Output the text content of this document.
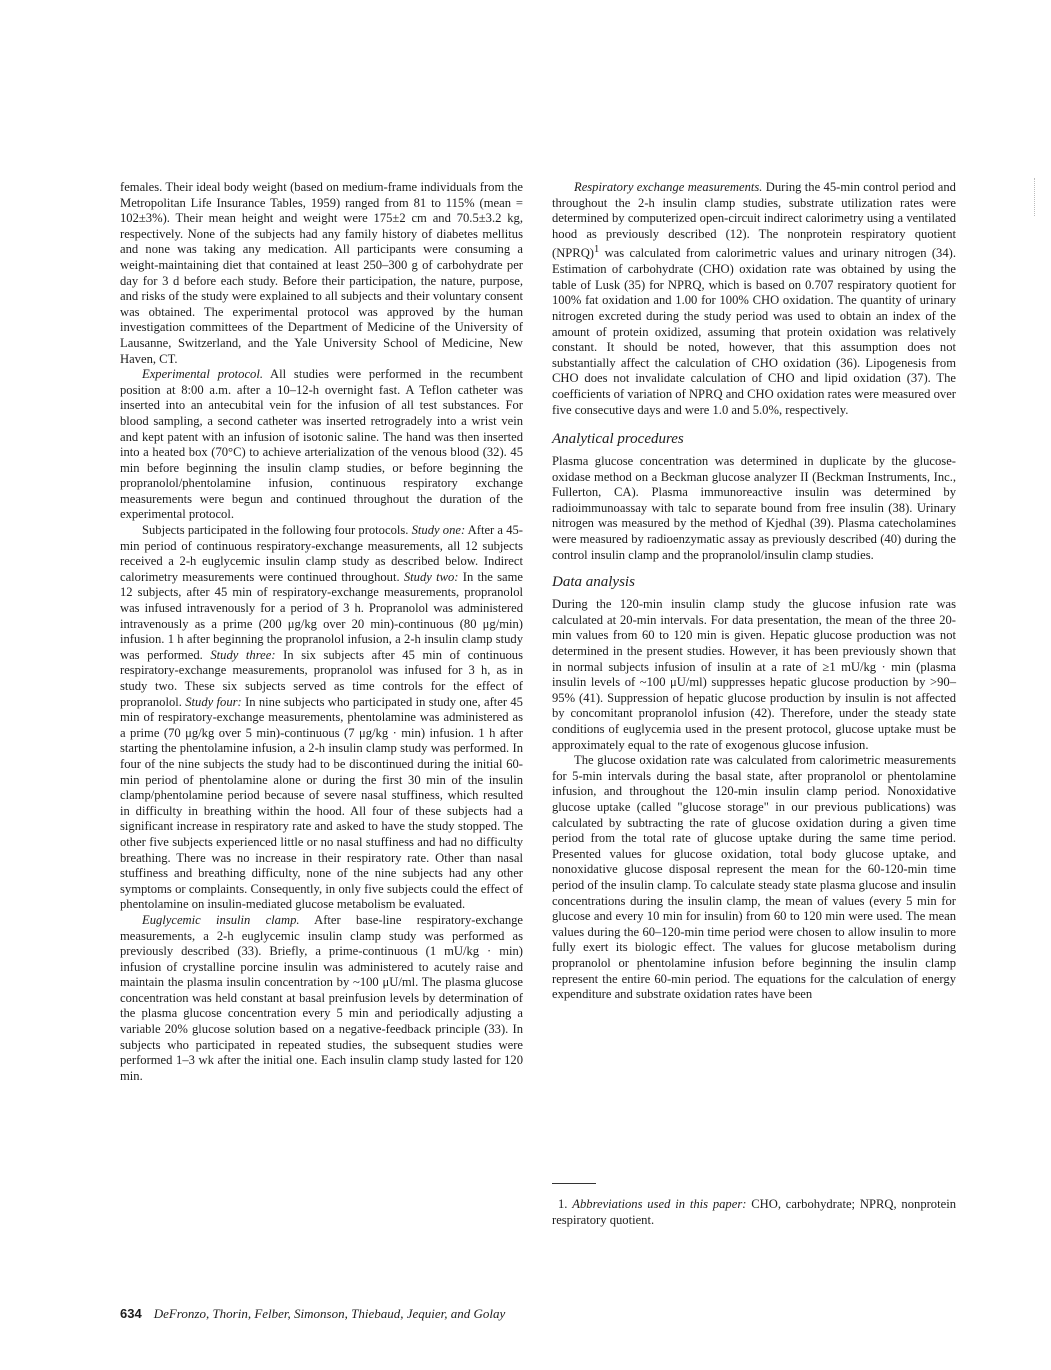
females. Their ideal body weight (based on medium-frame individuals from the Metropolitan Life Insurance Tables, 1959) ranged from 81 to 115% (mean = 102±3%). Their mean height and weight were 175±2 cm and 70.5±3.2 kg, respectively. None of the subjects had any family history of diabetes mellitus and none was taking any medication. All participants were consuming a weight-maintaining diet that contained at least 250–300 g of carbohydrate per day for 3 d before each study. Before their participation, the nature, purpose, and risks of the study were explained to all subjects and their voluntary consent was obtained. The experimental protocol was approved by the human investigation committees of the Department of Medicine of the University of Lausanne, Switzerland, and the Yale University School of Medicine, New Haven, CT.

Experimental protocol. All studies were performed in the recumbent position at 8:00 a.m. after a 10–12-h overnight fast. A Teflon catheter was inserted into an antecubital vein for the infusion of all test substances. For blood sampling, a second catheter was inserted retrogradely into a wrist vein and kept patent with an infusion of isotonic saline. The hand was then inserted into a heated box (70°C) to achieve arterialization of the venous blood (32). 45 min before beginning the insulin clamp studies, or before beginning the propranolol/phentolamine infusion, continuous respiratory exchange measurements were begun and continued throughout the duration of the experimental protocol.

Subjects participated in the following four protocols. Study one: After a 45-min period of continuous respiratory-exchange measurements, all 12 subjects received a 2-h euglycemic insulin clamp study as described below. Indirect calorimetry measurements were continued throughout. Study two: In the same 12 subjects, after 45 min of respiratory-exchange measurements, propranolol was infused intravenously for a period of 3 h. Propranolol was administered intravenously as a prime (200 μg/kg over 20 min)-continuous (80 μg/min) infusion. 1 h after beginning the propranolol infusion, a 2-h insulin clamp study was performed. Study three: In six subjects after 45 min of continuous respiratory-exchange measurements, propranolol was infused for 3 h, as in study two. These six subjects served as time controls for the effect of propranolol. Study four: In nine subjects who participated in study one, after 45 min of respiratory-exchange measurements, phentolamine was administered as a prime (70 μg/kg over 5 min)-continuous (7 μg/kg · min) infusion. 1 h after starting the phentolamine infusion, a 2-h insulin clamp study was performed. In four of the nine subjects the study had to be discontinued during the initial 60-min period of phentolamine alone or during the first 30 min of the insulin clamp/phentolamine period because of severe nasal stuffiness, which resulted in difficulty in breathing within the hood. All four of these subjects had a significant increase in respiratory rate and asked to have the study stopped. The other five subjects experienced little or no nasal stuffiness and had no difficulty breathing. There was no increase in their respiratory rate. Other than nasal stuffiness and breathing difficulty, none of the nine subjects had any other symptoms or complaints. Consequently, in only five subjects could the effect of phentolamine on insulin-mediated glucose metabolism be evaluated.

Euglycemic insulin clamp. After base-line respiratory-exchange measurements, a 2-h euglycemic insulin clamp study was performed as previously described (33). Briefly, a prime-continuous (1 mU/kg · min) infusion of crystalline porcine insulin was administered to acutely raise and maintain the plasma insulin concentration by ~100 μU/ml. The plasma glucose concentration was held constant at basal preinfusion levels by determination of the plasma glucose concentration every 5 min and periodically adjusting a variable 20% glucose solution based on a negative-feedback principle (33). In subjects who participated in repeated studies, the subsequent studies were performed 1–3 wk after the initial one. Each insulin clamp study lasted for 120 min.

Respiratory exchange measurements. During the 45-min control period and throughout the 2-h insulin clamp studies, substrate utilization rates were determined by computerized open-circuit indirect calorimetry using a ventilated hood as previously described (12). The nonprotein respiratory quotient (NPRQ)$^1$ was calculated from calorimetric values and urinary nitrogen (34). Estimation of carbohydrate (CHO) oxidation rate was obtained by using the table of Lusk (35) for NPRQ, which is based on 0.707 respiratory quotient for 100% fat oxidation and 1.00 for 100% CHO oxidation. The quantity of urinary nitrogen excreted during the study period was used to obtain an index of the amount of protein oxidized, assuming that protein oxidation was relatively constant. It should be noted, however, that this assumption does not substantially affect the calculation of CHO oxidation (36). Lipogenesis from CHO does not invalidate calculation of CHO and lipid oxidation (37). The coefficients of variation of NPRQ and CHO oxidation rates were measured over five consecutive days and were 1.0 and 5.0%, respectively.

Analytical procedures

Plasma glucose concentration was determined in duplicate by the glucose-oxidase method on a Beckman glucose analyzer II (Beckman Instruments, Inc., Fullerton, CA). Plasma immunoreactive insulin was determined by radioimmunoassay with talc to separate bound from free insulin (38). Urinary nitrogen was measured by the method of Kjedhal (39). Plasma catecholamines were measured by radioenzymatic assay as previously described (40) during the control insulin clamp and the propranolol/insulin clamp studies.

Data analysis

During the 120-min insulin clamp study the glucose infusion rate was calculated at 20-min intervals. For data presentation, the mean of the three 20-min values from 60 to 120 min is given. Hepatic glucose production was not determined in the present studies. However, it has been previously shown that in normal subjects infusion of insulin at a rate of ≥1 mU/kg · min (plasma insulin levels of ~100 μU/ml) suppresses hepatic glucose production by >90–95% (41). Suppression of hepatic glucose production by insulin is not affected by concomitant propranolol infusion (42). Therefore, under the steady state conditions of euglycemia used in the present protocol, glucose uptake must be approximately equal to the rate of exogenous glucose infusion.

The glucose oxidation rate was calculated from calorimetric measurements for 5-min intervals during the basal state, after propranolol or phentolamine infusion, and throughout the 120-min insulin clamp period. Nonoxidative glucose uptake (called "glucose storage" in our previous publications) was calculated by subtracting the rate of glucose oxidation during a given time period from the total rate of glucose uptake during the same time period. Presented values for glucose oxidation, total body glucose uptake, and nonoxidative glucose disposal represent the mean for the 60-120-min time period of the insulin clamp. To calculate steady state plasma glucose and insulin concentrations during the insulin clamp, the mean of values (every 5 min for glucose and every 10 min for insulin) from 60 to 120 min were used. The mean values during the 60–120-min time period were chosen to allow insulin to more fully exert its biologic effect. The values for glucose metabolism during propranolol or phentolamine infusion before beginning the insulin clamp represent the entire 60-min period. The equations for the calculation of energy expenditure and substrate oxidation rates have been

1. Abbreviations used in this paper: CHO, carbohydrate; NPRQ, nonprotein respiratory quotient.

634 DeFronzo, Thorin, Felber, Simonson, Thiebaud, Jequier, and Golay
